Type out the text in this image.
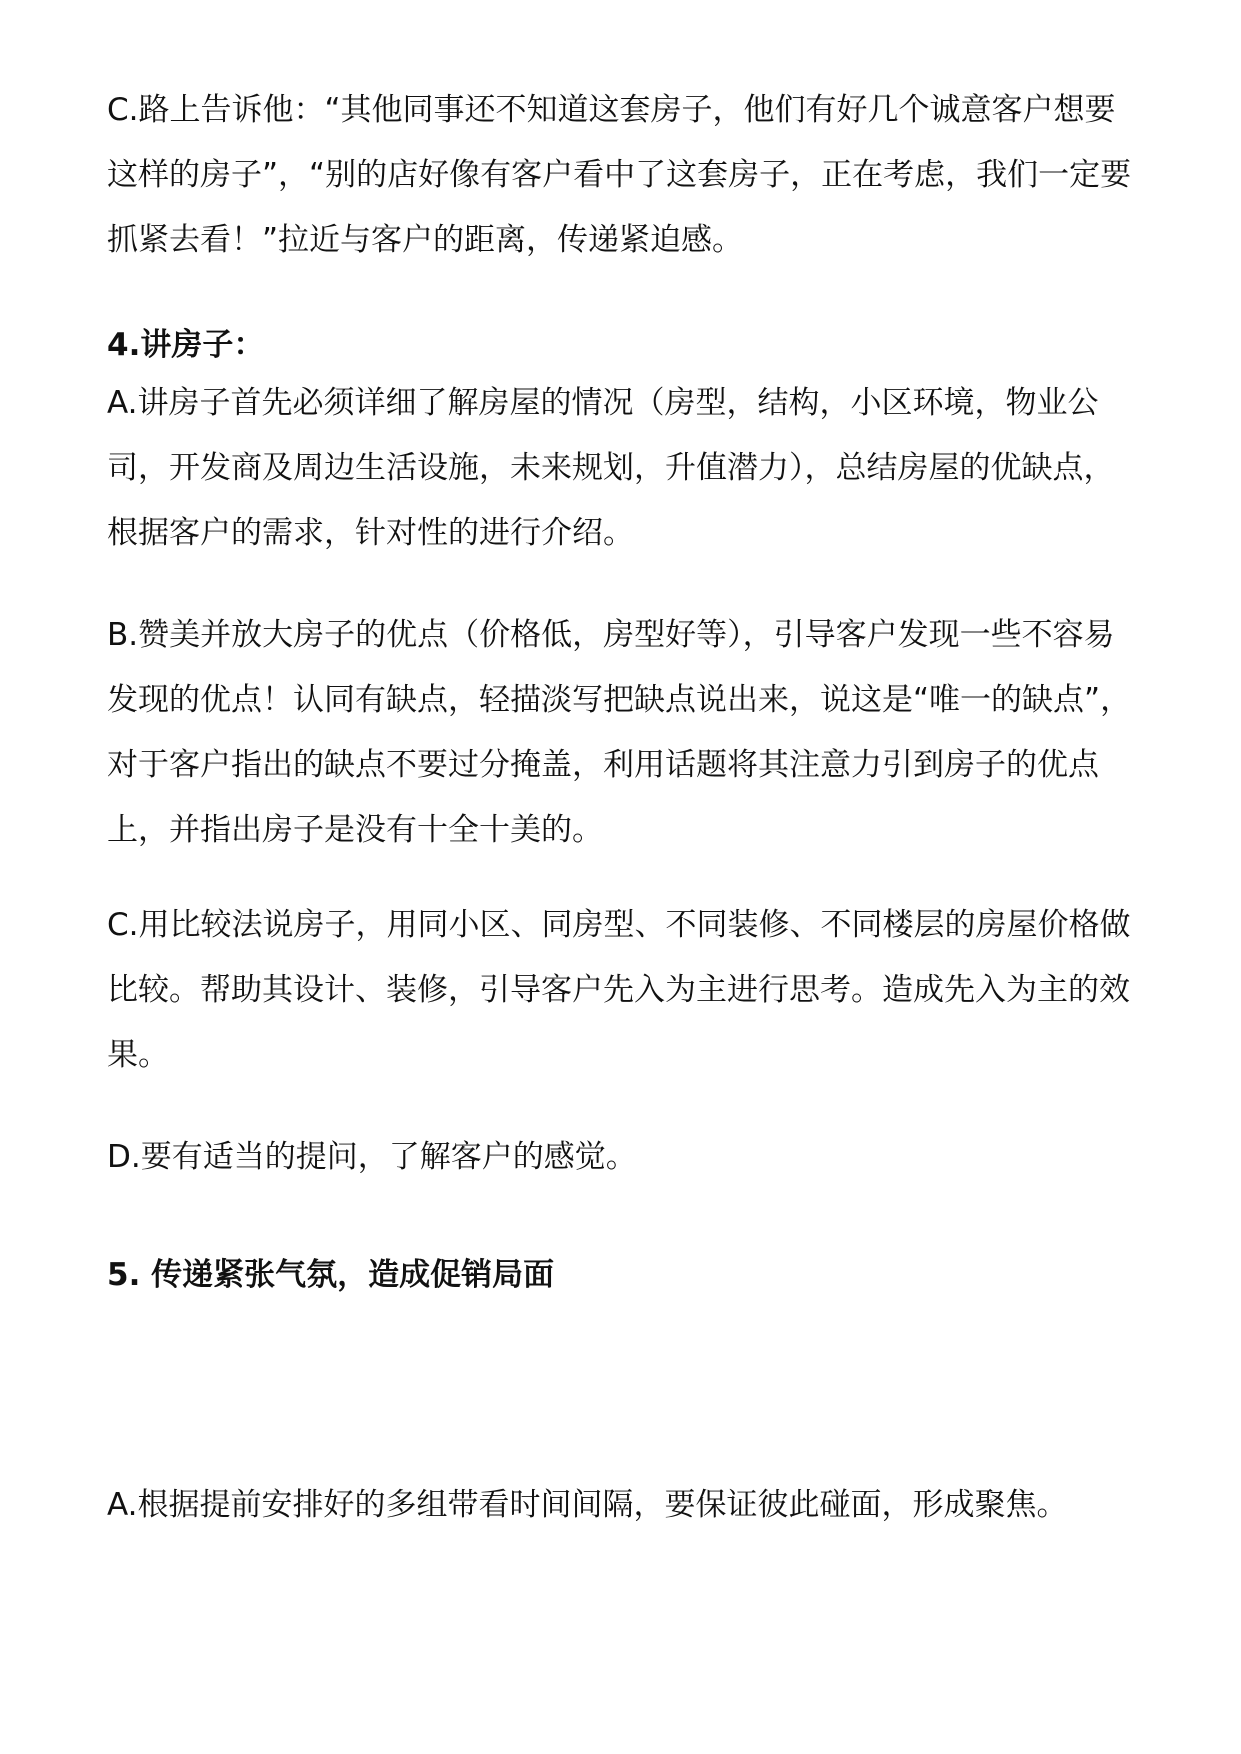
C.路上告诉他：“其他同事还不知道这套房子，他们有好几个诚意客户想要这样的房子”，“别的店好像有客户看中了这套房子，正在考虑，我们一定要抓紧去看！”拉近与客户的距离，传递紧迫感。

4.讲房子：

A.讲房子首先必须详细了解房屋的情况（房型，结构，小区环境，物业公司，开发商及周边生活设施，未来规划，升值潜力），总结房屋的优缺点，根据客户的需求，针对性的进行介绍。

B.赞美并放大房子的优点（价格低，房型好等），引导客户发现一些不容易发现的优点！认同有缺点，轻描淡写把缺点说出来，说这是“唯一的缺点”，对于客户指出的缺点不要过分掩盖，利用话题将其注意力引到房子的优点上，并指出房子是没有十全十美的。

C.用比较法说房子，用同小区、同房型、不同装修、不同楼层的房屋价格做比较。帮助其设计、装修，引导客户先入为主进行思考。造成先入为主的效果。

D.要有适当的提问，了解客户的感觉。

5. 传递紧张气氛，造成促销局面

A.根据提前安排好的多组带看时间间隔，要保证彼此碰面，形成聚焦。
